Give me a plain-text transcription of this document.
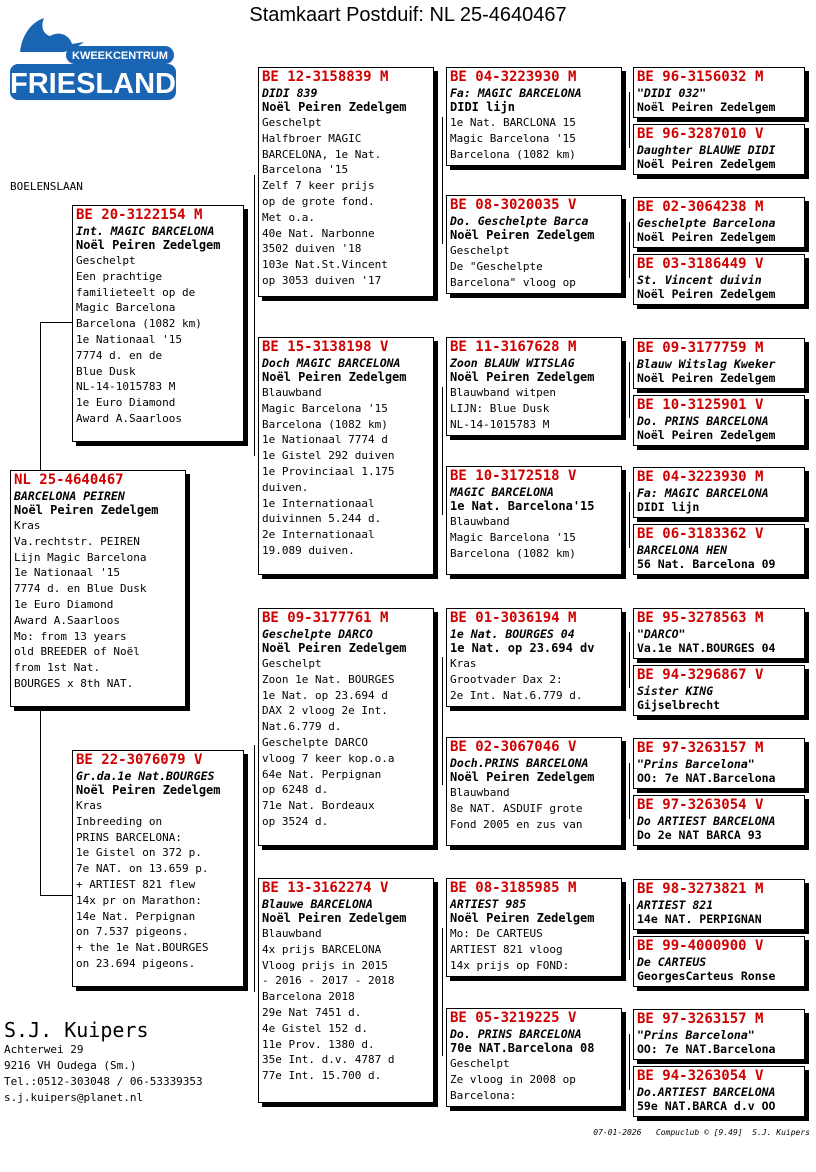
Stamkaart Postduif: NL 25-4640467
KWEEKCENTRUM
FRIESLAND
BOELENSLAAN
NL 25-4640467
BARCELONA PEIREN
Noël Peiren Zedelgem
Kras
Va.rechtstr. PEIREN
Lijn Magic Barcelona
1e Nationaal '15
7774 d. en Blue Dusk
1e Euro Diamond
Award A.Saarloos
Mo: from 13 years
old BREEDER of Noël
from 1st Nat.
BOURGES x 8th NAT.
BE 20-3122154 M
Int. MAGIC BARCELONA
Noël Peiren Zedelgem
Geschelpt
Een prachtige
familieteelt op de
Magic Barcelona
Barcelona (1082 km)
1e Nationaal '15
7774 d. en de
Blue Dusk
NL-14-1015783 M
1e Euro Diamond
Award A.Saarloos
BE 22-3076079 V
Gr.da.1e Nat.BOURGES
Noël Peiren Zedelgem
Kras
Inbreeding on
PRINS BARCELONA:
1e Gistel on 372 p.
7e NAT. on 13.659 p.
+ ARTIEST 821 flew
14x pr on Marathon:
14e Nat. Perpignan
on 7.537 pigeons.
+ the 1e Nat.BOURGES
on 23.694 pigeons.
BE 12-3158839 M
DIDI 839
Noël Peiren Zedelgem
Geschelpt
Halfbroer MAGIC
BARCELONA, 1e Nat.
Barcelona '15
Zelf 7 keer prijs
op de grote fond.
Met o.a.
40e Nat. Narbonne
3502 duiven '18
103e Nat.St.Vincent
op 3053 duiven '17
BE 15-3138198 V
Doch MAGIC BARCELONA
Noël Peiren Zedelgem
Blauwband
Magic Barcelona '15
Barcelona (1082 km)
1e Nationaal 7774 d
1e Gistel 292 duiven
1e Provinciaal 1.175
duiven.
1e Internationaal
duivinnen 5.244 d.
2e Internationaal
19.089 duiven.
BE 09-3177761 M
Geschelpte DARCO
Noël Peiren Zedelgem
Geschelpt
Zoon 1e Nat. BOURGES
1e Nat. op 23.694 d
DAX 2 vloog 2e Int.
Nat.6.779 d.
Geschelpte DARCO
vloog 7 keer kop.o.a
64e Nat. Perpignan
op 6248 d.
71e Nat. Bordeaux
op 3524 d.
BE 13-3162274 V
Blauwe BARCELONA
Noël Peiren Zedelgem
Blauwband
4x prijs BARCELONA
Vloog prijs in 2015
- 2016 - 2017 - 2018
Barcelona 2018
29e Nat 7451 d.
4e Gistel 152 d.
11e Prov. 1380 d.
35e Int. d.v. 4787 d
77e Int. 15.700 d.
BE 04-3223930 M
Fa: MAGIC BARCELONA
DIDI lijn
1e Nat. BARCLONA 15
Magic Barcelona '15
Barcelona (1082 km)
BE 08-3020035 V
Do. Geschelpte Barca
Noël Peiren Zedelgem
Geschelpt
De "Geschelpte
Barcelona" vloog op
BE 11-3167628 M
Zoon BLAUW WITSLAG
Noël Peiren Zedelgem
Blauwband witpen
LIJN: Blue Dusk
NL-14-1015783 M
BE 10-3172518 V
MAGIC BARCELONA
1e Nat. Barcelona'15
Blauwband
Magic Barcelona '15
Barcelona (1082 km)
BE 01-3036194 M
1e Nat. BOURGES 04
1e Nat. op 23.694 dv
Kras
Grootvader Dax 2:
2e Int. Nat.6.779 d.
BE 02-3067046 V
Doch.PRINS BARCELONA
Noël Peiren Zedelgem
Blauwband
8e NAT. ASDUIF grote
Fond 2005 en zus van
BE 08-3185985 M
ARTIEST 985
Noël Peiren Zedelgem
Mo: De CARTEUS
ARTIEST 821 vloog
14x prijs op FOND:
BE 05-3219225 V
Do. PRINS BARCELONA
70e NAT.Barcelona 08
Geschelpt
Ze vloog in 2008 op
Barcelona:
BE 96-3156032 M
"DIDI 032"
Noël Peiren Zedelgem
BE 96-3287010 V
Daughter BLAUWE DIDI
Noël Peiren Zedelgem
BE 02-3064238 M
Geschelpte Barcelona
Noël Peiren Zedelgem
BE 03-3186449 V
St. Vincent duivin
Noël Peiren Zedelgem
BE 09-3177759 M
Blauw Witslag Kweker
Noël Peiren Zedelgem
BE 10-3125901 V
Do. PRINS BARCELONA
Noël Peiren Zedelgem
BE 04-3223930 M
Fa: MAGIC BARCELONA
DIDI lijn
BE 06-3183362 V
BARCELONA HEN
56 Nat. Barcelona 09
BE 95-3278563 M
"DARCO"
Va.1e NAT.BOURGES 04
BE 94-3296867 V
Sister KING
Gijselbrecht
BE 97-3263157 M
"Prins Barcelona"
OO: 7e NAT.Barcelona
BE 97-3263054 V
Do ARTIEST BARCELONA
Do 2e NAT BARCA 93
BE 98-3273821 M
ARTIEST 821
14e NAT. PERPIGNAN
BE 99-4000900 V
De CARTEUS
GeorgesCarteus Ronse
BE 97-3263157 M
"Prins Barcelona"
OO: 7e NAT.Barcelona
BE 94-3263054 V
Do.ARTIEST BARCELONA
59e NAT.BARCA d.v OO
S.J. Kuipers
Achterwei 29
9216 VH Oudega (Sm.)
Tel.:0512-303048 / 06-53339353
s.j.kuipers@planet.nl
07-01-2026 Compuclub © [9.49]  S.J. Kuipers
